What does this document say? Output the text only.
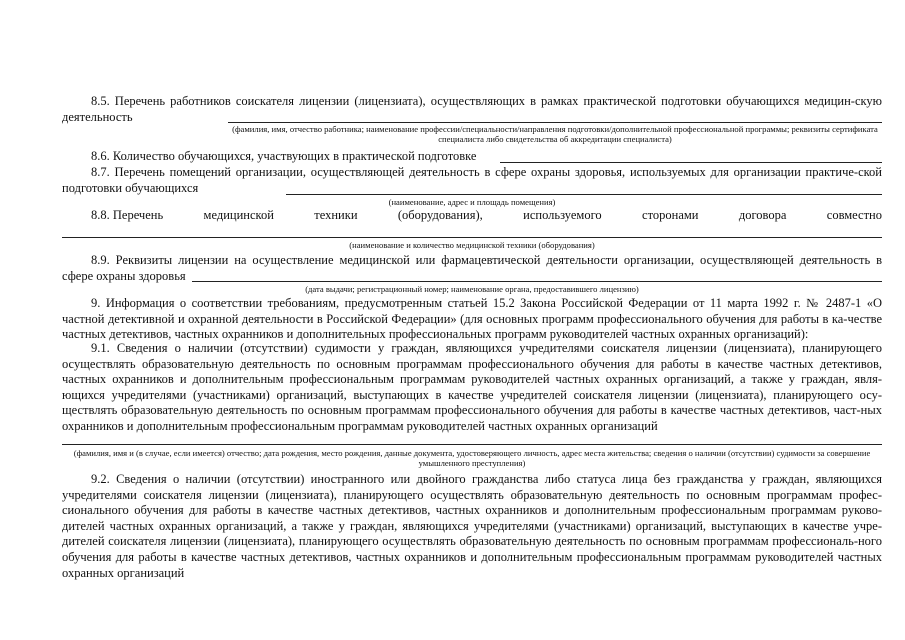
8.5. Перечень работников соискателя лицензии (лицензиата), осуществляющих в рамках практической подготовки обучающихся медицин-скую деятельность

(фамилия, имя, отчество работника; наименование профессии/специальности/направления подготовки/дополнительной профессиональной программы; реквизиты сертификата специалиста либо свидетельства об аккредитации специалиста)

8.6. Количество обучающихся, участвующих в практической подготовке

8.7. Перечень помещений организации, осуществляющей деятельность в сфере охраны здоровья, используемых для организации практиче-ской подготовки обучающихся

(наименование, адрес и площадь помещения)

8.8. Перечень	медицинской	техники	(оборудования),	используемого	сторонами	договора	совместно

(наименование и количество медицинской техники (оборудования)

8.9. Реквизиты лицензии на осуществление медицинской или фармацевтической деятельности организации, осуществляющей деятельность в сфере охраны здоровья

(дата выдачи; регистрационный номер; наименование органа, предоставившего лицензию)

9. Информация о соответствии требованиям, предусмотренным статьей 15.2 Закона Российской Федерации от 11 марта 1992 г. № 2487-1 «О частной детективной и охранной деятельности в Российской Федерации» (для основных программ профессионального обучения для работы в ка-честве частных детективов, частных охранников и дополнительных профессиональных программ руководителей частных охранных организаций):

9.1. Сведения о наличии (отсутствии) судимости у граждан, являющихся учредителями соискателя лицензии (лицензиата), планирующего осуществлять образовательную деятельность по основным программам профессионального обучения для работы в качестве частных детективов, частных охранников и дополнительным профессиональным программам руководителей частных охранных организаций, а также у граждан, явля-ющихся учредителями (участниками) организаций, выступающих в качестве учредителей соискателя лицензии (лицензиата), планирующего осу-ществлять образовательную деятельность по основным программам профессионального обучения для работы в качестве частных детективов, част-ных охранников и дополнительным профессиональным программам руководителей частных охранных организаций

(фамилия, имя и (в случае, если имеется) отчество; дата рождения, место рождения, данные документа, удостоверяющего личность, адрес места жительства; сведения о наличии (отсутствии) судимости за совершение умышленного преступления)

9.2. Сведения о наличии (отсутствии) иностранного или двойного гражданства либо статуса лица без гражданства у граждан, являющихся учредителями соискателя лицензии (лицензиата), планирующего осуществлять образовательную деятельность по основным программам профес-сионального обучения для работы в качестве частных детективов, частных охранников и дополнительным профессиональным программам руково-дителей частных охранных организаций, а также у граждан, являющихся учредителями (участниками) организаций, выступающих в качестве учре-дителей соискателя лицензии (лицензиата), планирующего осуществлять образовательную деятельность по основным программам профессиональ-ного обучения для работы в качестве частных детективов, частных охранников и дополнительным профессиональным программам руководителей частных охранных организаций
